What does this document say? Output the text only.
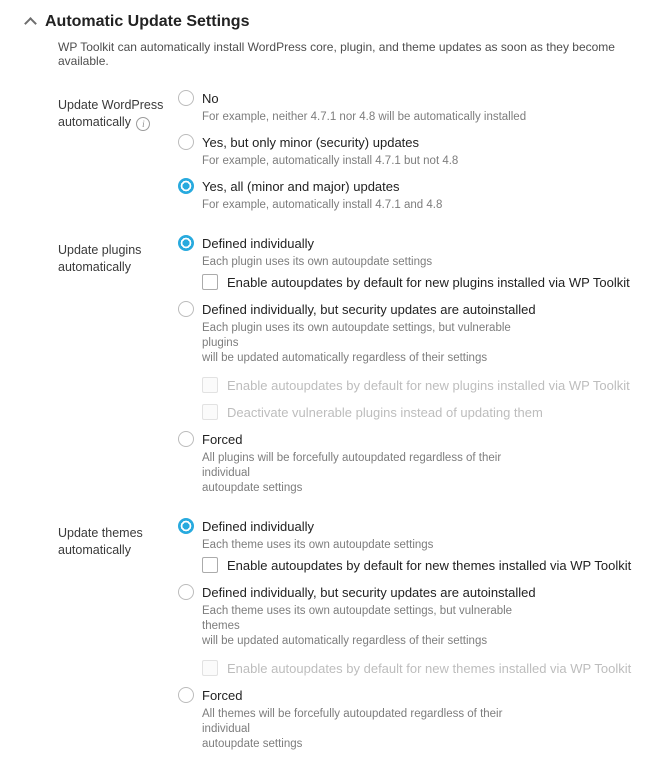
Automatic Update Settings
WP Toolkit can automatically install WordPress core, plugin, and theme updates as soon as they become available.
Update WordPress automatically i
No
For example, neither 4.7.1 nor 4.8 will be automatically installed
Yes, but only minor (security) updates
For example, automatically install 4.7.1 but not 4.8
Yes, all (minor and major) updates
For example, automatically install 4.7.1 and 4.8
Update plugins automatically
Defined individually
Each plugin uses its own autoupdate settings
Enable autoupdates by default for new plugins installed via WP Toolkit
Defined individually, but security updates are autoinstalled
Each plugin uses its own autoupdate settings, but vulnerable plugins
will be updated automatically regardless of their settings
Enable autoupdates by default for new plugins installed via WP Toolkit
Deactivate vulnerable plugins instead of updating them
Forced
All plugins will be forcefully autoupdated regardless of their individual
autoupdate settings
Update themes automatically
Defined individually
Each theme uses its own autoupdate settings
Enable autoupdates by default for new themes installed via WP Toolkit
Defined individually, but security updates are autoinstalled
Each theme uses its own autoupdate settings, but vulnerable themes
will be updated automatically regardless of their settings
Enable autoupdates by default for new themes installed via WP Toolkit
Forced
All themes will be forcefully autoupdated regardless of their individual
autoupdate settings
